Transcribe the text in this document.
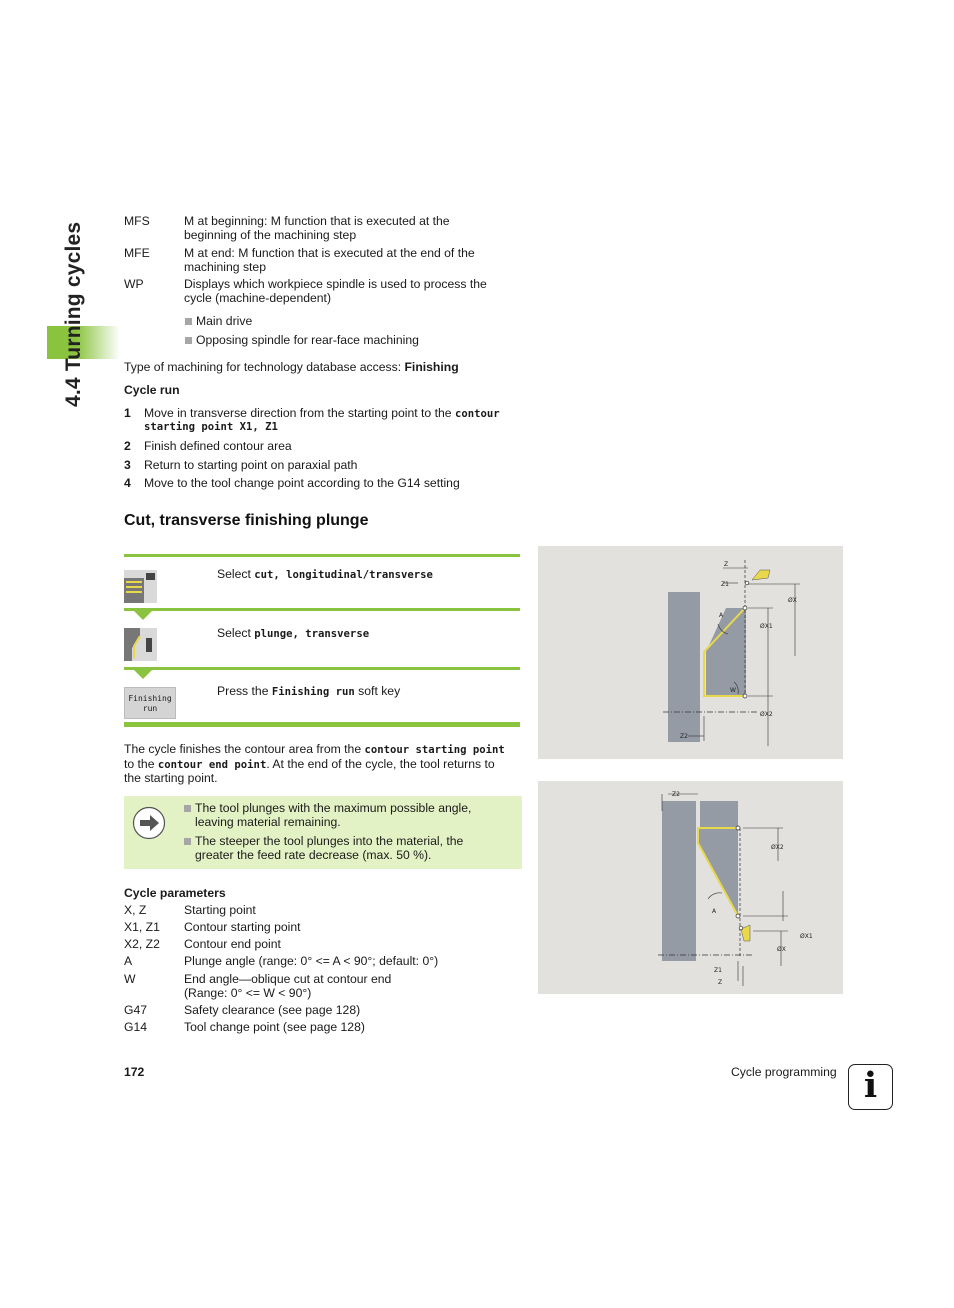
4.4 Turning cycles
MFS	M at beginning: M function that is executed at the
beginning of the machining step
MFE	M at end: M function that is executed at the end of the
machining step
WP	Displays which workpiece spindle is used to process the
cycle (machine-dependent)
Main drive
Opposing spindle for rear-face machining
Type of machining for technology database access: Finishing
Cycle run
1 Move in transverse direction from the starting point to the contour
starting point X1, Z1
2 Finish defined contour area
3 Return to starting point on paraxial path
4 Move to the tool change point according to the G14 setting
Cut, transverse finishing plunge
Select cut, longitudinal/transverse
Select plunge, transverse
Finishing
run
Press the Finishing run soft key
The cycle finishes the contour area from the contour starting point
to the contour end point. At the end of the cycle, the tool returns to
the starting point.
The tool plunges with the maximum possible angle,
leaving material remaining.
The steeper the tool plunges into the material, the
greater the feed rate decrease (max. 50 %).
Cycle parameters
X, Z	Starting point
X1, Z1 Contour starting point
X2, Z2 Contour end point
A	Plunge angle (range: 0° <= A < 90°; default: 0°)
W	End angle—oblique cut at contour end
(Range: 0° <= W < 90°)
G47	Safety clearance (see page 128)
G14	Tool change point (see page 128)
Z
Z1
ØX
A
ØX1
W
ØX2
Z2
Z2
ØX2
A
ØX1
ØX
Z1
Z
172	Cycle programming i
